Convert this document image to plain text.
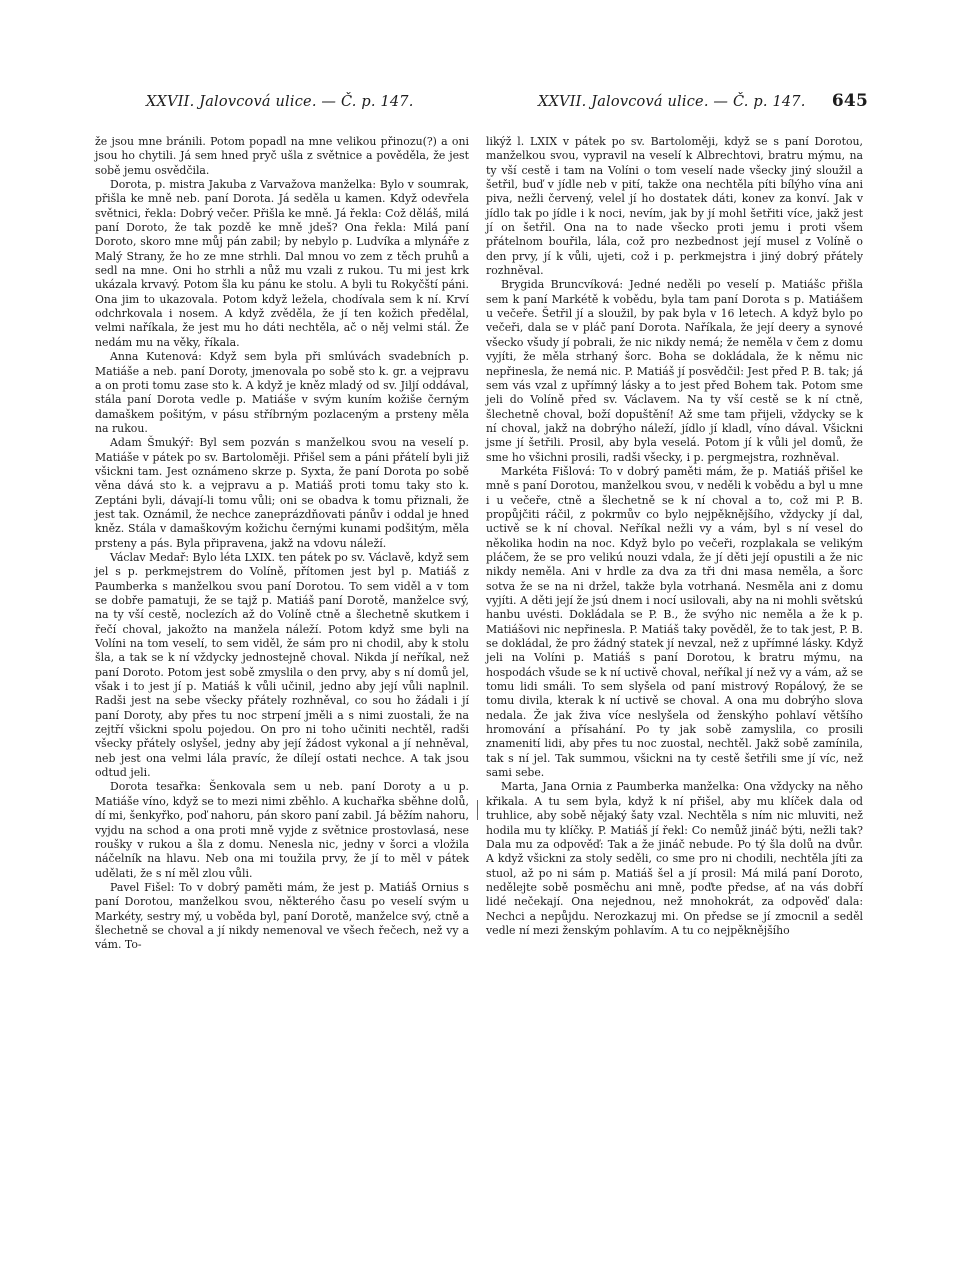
XXVII. Jalovcová ulice. — Č. p. 147.	XXVII. Jalovcová ulice. — Č. p. 147. 645

že jsou mne bránili. Potom popadl na mne velikou přinozu(?) a oni jsou ho chytili. Já sem hned pryč ušla z světnice a pověděla, že jest sobě jemu osvědčila.

Dorota, p. mistra Jakuba z Varvažova manželka: Bylo v soumrak, přišla ke mně neb. paní Dorota. Já seděla u kamen. Když odevřela světnici, řekla: Dobrý večer. Přišla ke mně. Já řekla: Což děláš, milá paní Doroto, že tak pozdě ke mně jdeš? Ona řekla: Milá paní Doroto, skoro mne můj pán zabil; by nebylo p. Ludvíka a mlynáře z Malý Strany, že ho ze mne strhli. Dal mnou vo zem z těch pruhů a sedl na mne. Oni ho strhli a nůž mu vzali z rukou. Tu mi jest krk ukázala krvavý. Potom šla ku pánu ke stolu. A byli tu Rokyčští páni. Ona jim to ukazovala. Potom když ležela, chodívala sem k ní. Krví odchrkovala i nosem. A když zvěděla, že jí ten kožich předělal, velmi naříkala, že jest mu ho dáti nechtěla, ač o něj velmi stál. Že nedám mu na věky, říkala.

Anna Kutenová: Když sem byla při smlúvách svadebních p. Matiáše a neb. paní Doroty, jmenovala po sobě sto k. gr. a vejpravu a on proti tomu zase sto k. A když je kněz mladý od sv. Jiljí oddával, stála paní Dorota vedle p. Matiáše v svým kuním kožiše černým damaškem pošitým, v pásu stříbrným pozlaceným a prsteny měla na rukou.

Adam Šmukýř: Byl sem pozván s manželkou svou na veselí p. Matiáše v pátek po sv. Bartoloměji. Přišel sem a páni přátelí byli již všickni tam. Jest oznámeno skrze p. Syxta, že paní Dorota po sobě věna dává sto k. a vejpravu a p. Matiáš proti tomu taky sto k. Zeptáni byli, dávají-li tomu vůli; oni se obadva k tomu přiznali, že jest tak. Oznámil, že nechce zaneprázdňovati pánův i oddal je hned kněz. Stála v damaškovým kožichu černými kunami podšitým, měla prsteny a pás. Byla připravena, jakž na vdovu náleží.

Václav Medař: Bylo léta LXIX. ten pátek po sv. Václavě, když sem jel s p. perkmejstrem do Volíně, přítomen jest byl p. Matiáš z Paumberka s manželkou svou paní Dorotou. To sem viděl a v tom se dobře pamatuji, že se tajž p. Matiáš paní Dorotě, manželce svý, na ty vší cestě, noclezích až do Volíně ctně a šlechetně skutkem i řečí choval, jakožto na manžela náleží. Potom když sme byli na Volíni na tom veselí, to sem viděl, že sám pro ni chodil, aby k stolu šla, a tak se k ní vždycky jednostejně choval. Nikda jí neříkal, než paní Doroto. Potom jest sobě zmyslila o den prvy, aby s ní domů jel, však i to jest jí p. Matiáš k vůli učinil, jedno aby její vůli naplnil. Radši jest na sebe všecky přátely rozhněval, co sou ho žádali i jí paní Doroty, aby přes tu noc strpení jměli a s nimi zuostali, že na zejtří všickni spolu pojedou. On pro ni toho učiniti nechtěl, radši všecky přátely oslyšel, jedny aby její žádost vykonal a jí nehněval, neb jest ona velmi lála pravíc, že dílejí ostati nechce. A tak jsou odtud jeli.

Dorota tesařka: Šenkovala sem u neb. paní Doroty a u p. Matiáše víno, když se to mezi nimi zběhlo. A kuchařka sběhne dolů, dí mi, šenkyřko, poď nahoru, pán skoro paní zabil. Já běžím nahoru, vyjdu na schod a ona proti mně vyjde z světnice prostovlasá, nese roušky v rukou a šla z domu. Nenesla nic, jedny v šorci a vložila náčelník na hlavu. Neb ona mi toužila prvy, že jí to měl v pátek udělati, že s ní měl zlou vůli.

Pavel Fišel: To v dobrý paměti mám, že jest p. Matiáš Ornius s paní Dorotou, manželkou svou, některého času po veselí svým u Markéty, sestry mý, u voběda byl, paní Dorotě, manželce svý, ctně a šlechetně se choval a jí nikdy nemenoval ve všech řečech, než vy a vám. To-

likýž l. LXIX v pátek po sv. Bartoloměji, když se s paní Dorotou, manželkou svou, vypravil na veselí k Albrechtovi, bratru mýmu, na ty vší cestě i tam na Volíni o tom veselí nade všecky jiný sloužil a šetřil, buď v jídle neb v pití, takže ona nechtěla píti bílýho vína ani piva, nežli červený, velel jí ho dostatek dáti, konev za konví. Jak v jídlo tak po jídle i k noci, nevím, jak by jí mohl šetřiti více, jakž jest jí on šetřil. Ona na to nade všecko proti jemu i proti všem přátelnom bouřila, lála, což pro nezbednost její musel z Volíně o den prvy, jí k vůli, ujeti, což i p. perkmejstra i jiný dobrý přátely rozhněval.

Brygida Bruncvíková: Jedné neděli po veselí p. Matiášc přišla sem k paní Markétě k vobědu, byla tam paní Dorota s p. Matiášem u večeře. Šetřil jí a sloužil, by pak byla v 16 letech. A když bylo po večeři, dala se v pláč paní Dorota. Naříkala, že její deery a synové všecko všudy jí pobrali, že nic nikdy nemá; že neměla v čem z domu vyjíti, že měla strhaný šorc. Boha se dokládala, že k němu nic nepřinesla, že nemá nic. P. Matiáš jí posvědčil: Jest před P. B. tak; já sem vás vzal z upřímný lásky a to jest před Bohem tak. Potom sme jeli do Volíně před sv. Václavem. Na ty vší cestě se k ní ctně, šlechetně choval, boží dopuštění! Až sme tam přijeli, vždycky se k ní choval, jakž na dobrýho náleží, jídlo jí kladl, víno dával. Všickni jsme jí šetřili. Prosil, aby byla veselá. Potom jí k vůli jel domů, že sme ho všichni prosili, radši všecky, i p. pergmejstra, rozhněval.

Markéta Fišlová: To v dobrý paměti mám, že p. Matiáš přišel ke mně s paní Dorotou, manželkou svou, v neděli k vobědu a byl u mne i u večeře, ctně a šlechetně se k ní choval a to, což mi P. B. propůjčiti ráčil, z pokrmův co bylo nejpěknějšího, vždycky jí dal, uctivě se k ní choval. Neříkal nežli vy a vám, byl s ní vesel do několika hodin na noc. Když bylo po večeři, rozplakala se velikým pláčem, že se pro velikú nouzi vdala, že jí děti její opustili a že nic nikdy neměla. Ani v hrdle za dva za tři dni masa neměla, a šorc sotva že se na ni držel, takže byla votrhaná. Nesměla ani z domu vyjíti. A děti její že jsú dnem i nocí usilovali, aby na ni mohli světskú hanbu uvésti. Dokládala se P. B., že svýho nic neměla a že k p. Matiášovi nic nepřinesla. P. Matiáš taky pověděl, že to tak jest, P. B. se dokládal, že pro žádný statek jí nevzal, než z upřímné lásky. Když jeli na Volíni p. Matiáš s paní Dorotou, k bratru mýmu, na hospodách všude se k ní uctivě choval, neříkal jí než vy a vám, až se tomu lidi smáli. To sem slyšela od paní mistrový Ropálový, že se tomu divila, kterak k ní uctivě se choval. A ona mu dobrýho slova nedala. Že jak živa více neslyšela od ženskýho pohlaví většího hromování a přísahání. Po ty jak sobě zamyslila, co prosili znamenití lidi, aby přes tu noc zuostal, nechtěl. Jakž sobě zamínila, tak s ní jel. Tak summou, všickni na ty cestě šetřili sme jí víc, než sami sebe.

Marta, Jana Ornia z Paumberka manželka: Ona vždycky na něho křikala. A tu sem byla, když k ní přišel, aby mu klíček dala od truhlice, aby sobě nějaký šaty vzal. Nechtěla s ním nic mluviti, než hodila mu ty klíčky. P. Matiáš jí řekl: Co nemůž jináč býti, nežli tak? Dala mu za odpověď: Tak a že jináč nebude. Po tý šla dolů na dvůr. A když všickni za stoly seděli, co sme pro ni chodili, nechtěla jíti za stuol, až po ni sám p. Matiáš šel a jí prosil: Má milá paní Doroto, nedělejte sobě posměchu ani mně, poďte předse, ať na vás dobří lidé nečekají. Ona nejednou, než mnohokrát, za odpověď dala: Nechci a nepůjdu. Nerozkazuj mi. On předse se jí zmocnil a seděl vedle ní mezi ženským pohlavím. A tu co nejpěknějšího
